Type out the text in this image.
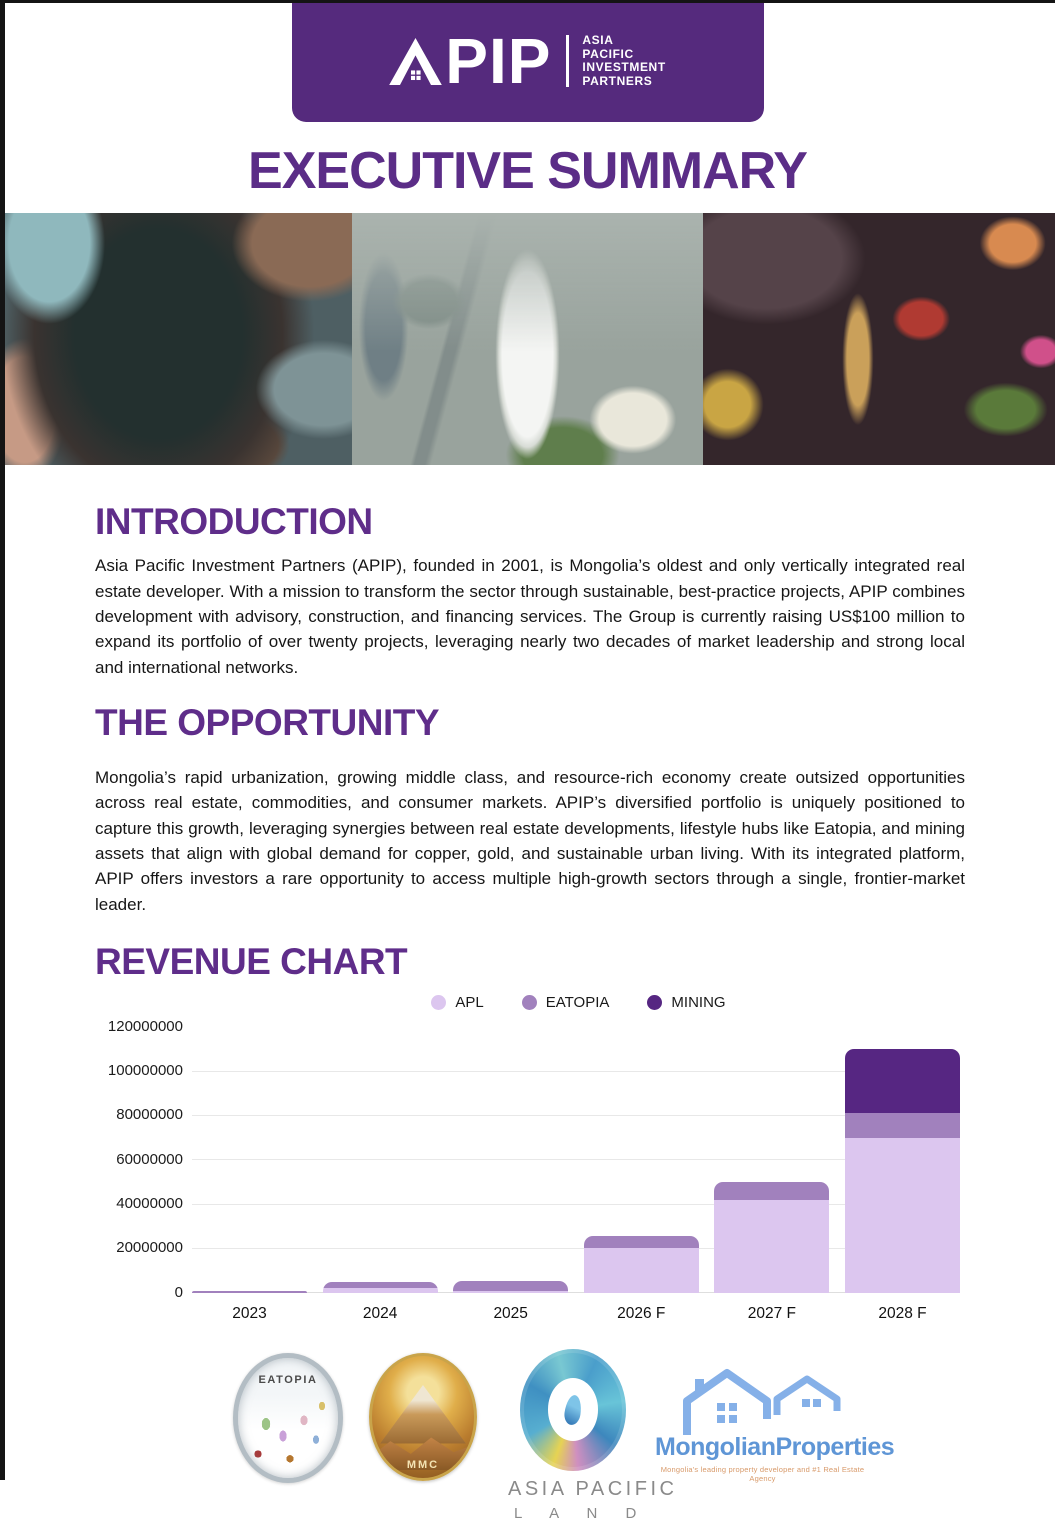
PIP	ASIA
PACIFIC
INVESTMENT
PARTNERS
EXECUTIVE SUMMARY
INTRODUCTION

Asia Pacific Investment Partners (APIP), founded in 2001, is Mongolia’s oldest and only vertically integrated real estate developer. With a mission to transform the sector through sustainable, best-practice projects, APIP combines development with advisory, construction, and financing services. The Group is currently raising US$100 million to expand its portfolio of over twenty projects, leveraging nearly two decades of market leadership and strong local and international networks.

THE OPPORTUNITY

Mongolia’s rapid urbanization, growing middle class, and resource-rich economy create outsized opportunities across real estate, commodities, and consumer markets. APIP’s diversified portfolio is uniquely positioned to capture this growth, leveraging synergies between real estate developments, lifestyle hubs like Eatopia, and mining assets that align with global demand for copper, gold, and sustainable urban living. With its integrated platform, APIP offers investors a rare opportunity to access multiple high-growth sectors through a single, frontier-market leader.

REVENUE CHART
APL	EATOPIA	MINING
120000000
100000000
80000000
60000000
40000000
20000000
0
2023	2024	2025	2026 F	2027 F	2028 F
EATOPIA
MMC
ASIA PACIFIC
L A N D
MongolianProperties
Mongolia's leading property developer and #1 Real Estate Agency
